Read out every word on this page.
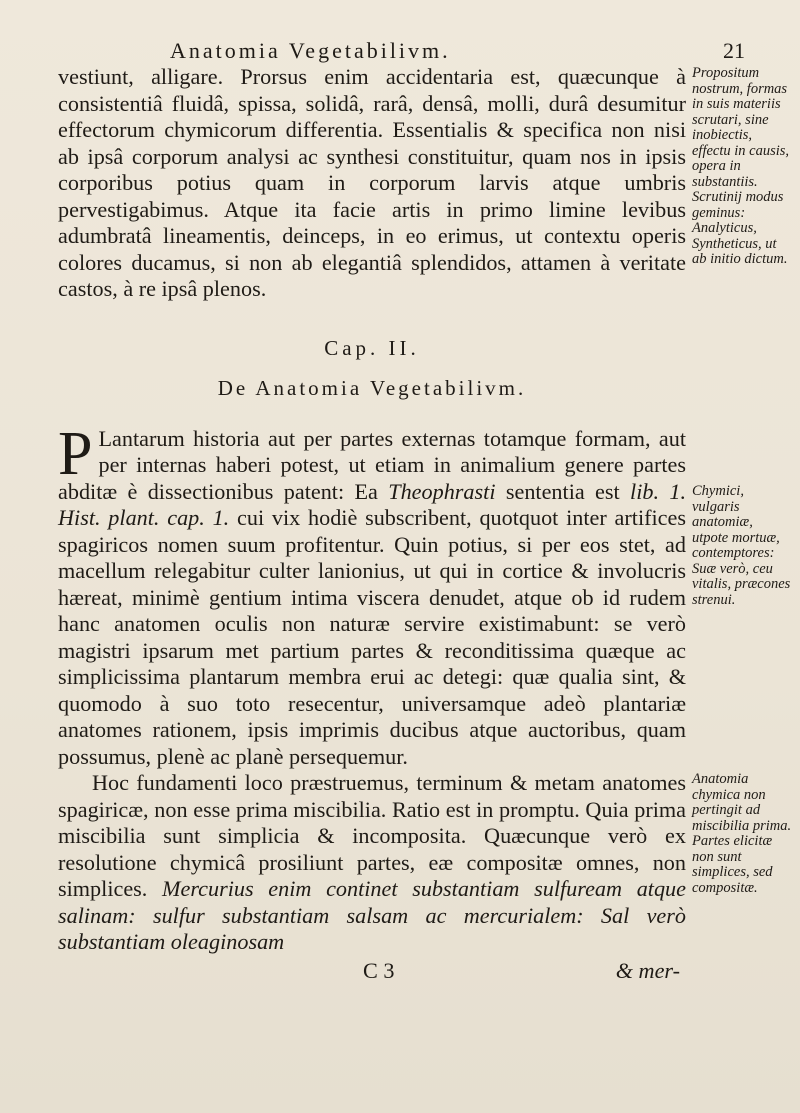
Anatomia Vegetabilivm.	21

vestiunt, alligare. Prorsus enim accidentaria est, quæcunque à consistentiâ fluidâ, spissa, solidâ, rarâ, densâ, molli, durâ desumitur effectorum chymicorum differentia. Essentialis & specifica non nisi ab ipsâ corporum analysi ac synthesi constituitur, quam nos in ipsis corporibus potius quam in corporum larvis atque umbris pervestigabimus. Atque ita facie artis in primo limine levibus adumbratâ lineamentis, deinceps, in eo erimus, ut contextu operis colores ducamus, si non ab elegantiâ splendidos, attamen à veritate castos, à re ipsâ plenos.

Cap. II.
De Anatomia Vegetabilivm.

P Lantarum historia aut per partes externas totamque formam, aut per internas haberi potest, ut etiam in animalium genere partes abditæ è dissectionibus patent: Ea Theophrasti sententia est lib. 1. Hist. plant. cap. 1. cui vix hodiè subscribent, quotquot inter artifices spagiricos nomen suum profitentur. Quin potius, si per eos stet, ad macellum relegabitur culter lanionius, ut qui in cortice & involucris hæreat, minimè gentium intima viscera denudet, atque ob id rudem hanc anatomen oculis non naturæ servire existimabunt: se verò magistri ipsarum met partium partes & reconditissima quæque ac simplicissima plantarum membra erui ac detegi: quæ qualia sint, & quomodo à suo toto resecentur, universamque adeò plantariæ anatomes rationem, ipsis imprimis ducibus atque auctoribus, quam possumus, plenè ac planè persequemur.

Hoc fundamenti loco præstruemus, terminum & metam anatomes spagiricæ, non esse prima miscibilia. Ratio est in promptu. Quia prima miscibilia sunt simplicia & incomposita. Quæcunque verò ex resolutione chymicâ prosiliunt partes, eæ compositæ omnes, non simplices. Mercurius enim continet substantiam sulfuream atque salinam: sulfur substantiam salsam ac mercurialem: Sal verò substantiam oleaginosam

C 3	& mer-
Propositum nostrum, formas in suis materiis scrutari, sine inobiectis, effectu in causis, opera in substantiis. Scrutinij modus geminus: Analyticus, Syntheticus, ut ab initio dictum.
Chymici, vulgaris anatomiæ, utpote mortuæ, contemptores: Suæ verò, ceu vitalis, præcones strenui.
Anatomia chymica non pertingit ad miscibilia prima. Partes elicitæ non sunt simplices, sed compositæ.
